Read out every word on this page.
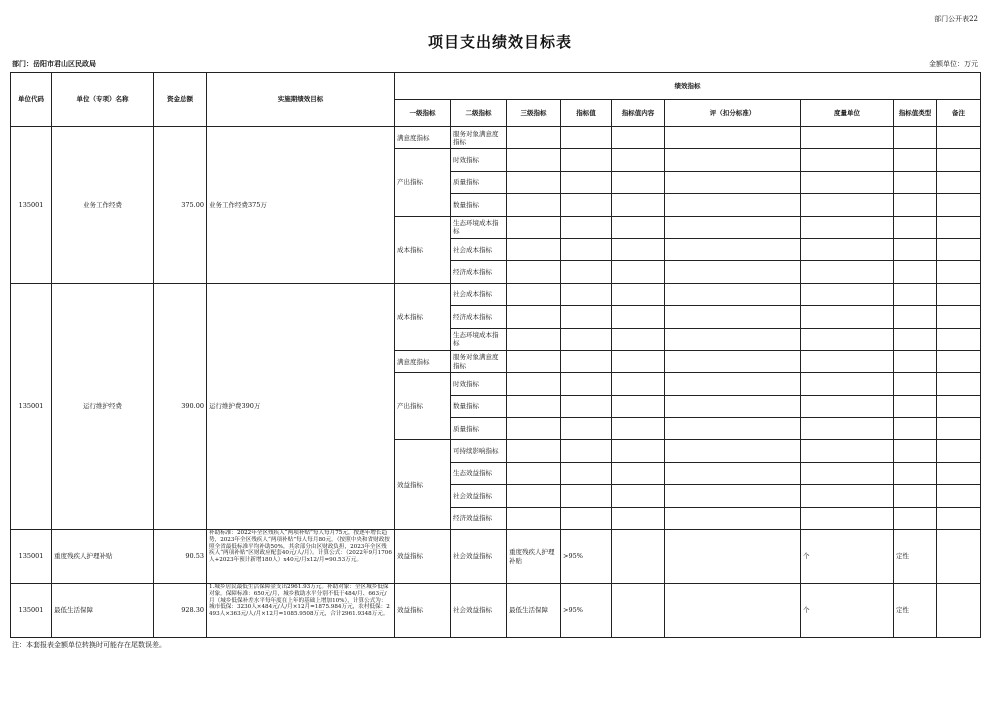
部门公开表22
项目支出绩效目标表
部门：岳阳市君山区民政局	金额单位：万元
单位代码	单位（专项）名称	资金总额	实施期绩效目标	绩效指标								
				一级指标	二级指标	三级指标	指标值	指标值内容	评（扣分标准）	度量单位	指标值类型	备注
135001	业务工作经费	375.00	业务工作经费375万	满意度指标	服务对象满意度指标							
				产出指标	时效指标							
					质量指标							
					数量指标							
				成本指标	生态环境成本指标							
					社会成本指标							
					经济成本指标							
135001	运行维护经费	390.00	运行维护费390万	成本指标	社会成本指标							
					经济成本指标							
					生态环境成本指标							
				满意度指标	服务对象满意度指标							
				产出指标	时效指标							
					数量指标							
					质量指标							
				效益指标	可持续影响指标							
					生态效益指标							
					社会效益指标							
					经济效益指标							
135001	重度残疾人护理补贴	90.53	补助标准：2022年全区残疾人“两项补贴”每人每月75元，按逐年增长趋势，2023年全区残疾人“两项补贴”每人每月80元。（按照中央和省财政按照全省最低标准平均补助50%，其余部分由区财政负担，2023年全区残疾人“两项补贴”区财政应配套40元/人/月）。计算公式：（2022年9月1706人+2023年预计新增180人）x40元/月x12/月=90.53万元。	效益指标	社会效益指标	重度残疾人护理补贴	>95%			个	定性	
135001	最低生活保障	928.30	1.城乡居民最低生活保障金支出2961.93万元。补助对象：全区城乡低保对象。保障标准：650元/月，城乡救助水平分别不低于484/月、663元/月（城乡低保补差水平每年度在上年的基础上增加10%），计算公式为：城市低保：3230人×484元/人/月×12月=1875.984万元，农村低保：2493人×363元/人/月×12月=1085.9508万元，合计2961.9348万元。	效益指标	社会效益指标	最低生活保障	>95%			个	定性	
注：本套报表金额单位转换时可能存在尾数误差。
